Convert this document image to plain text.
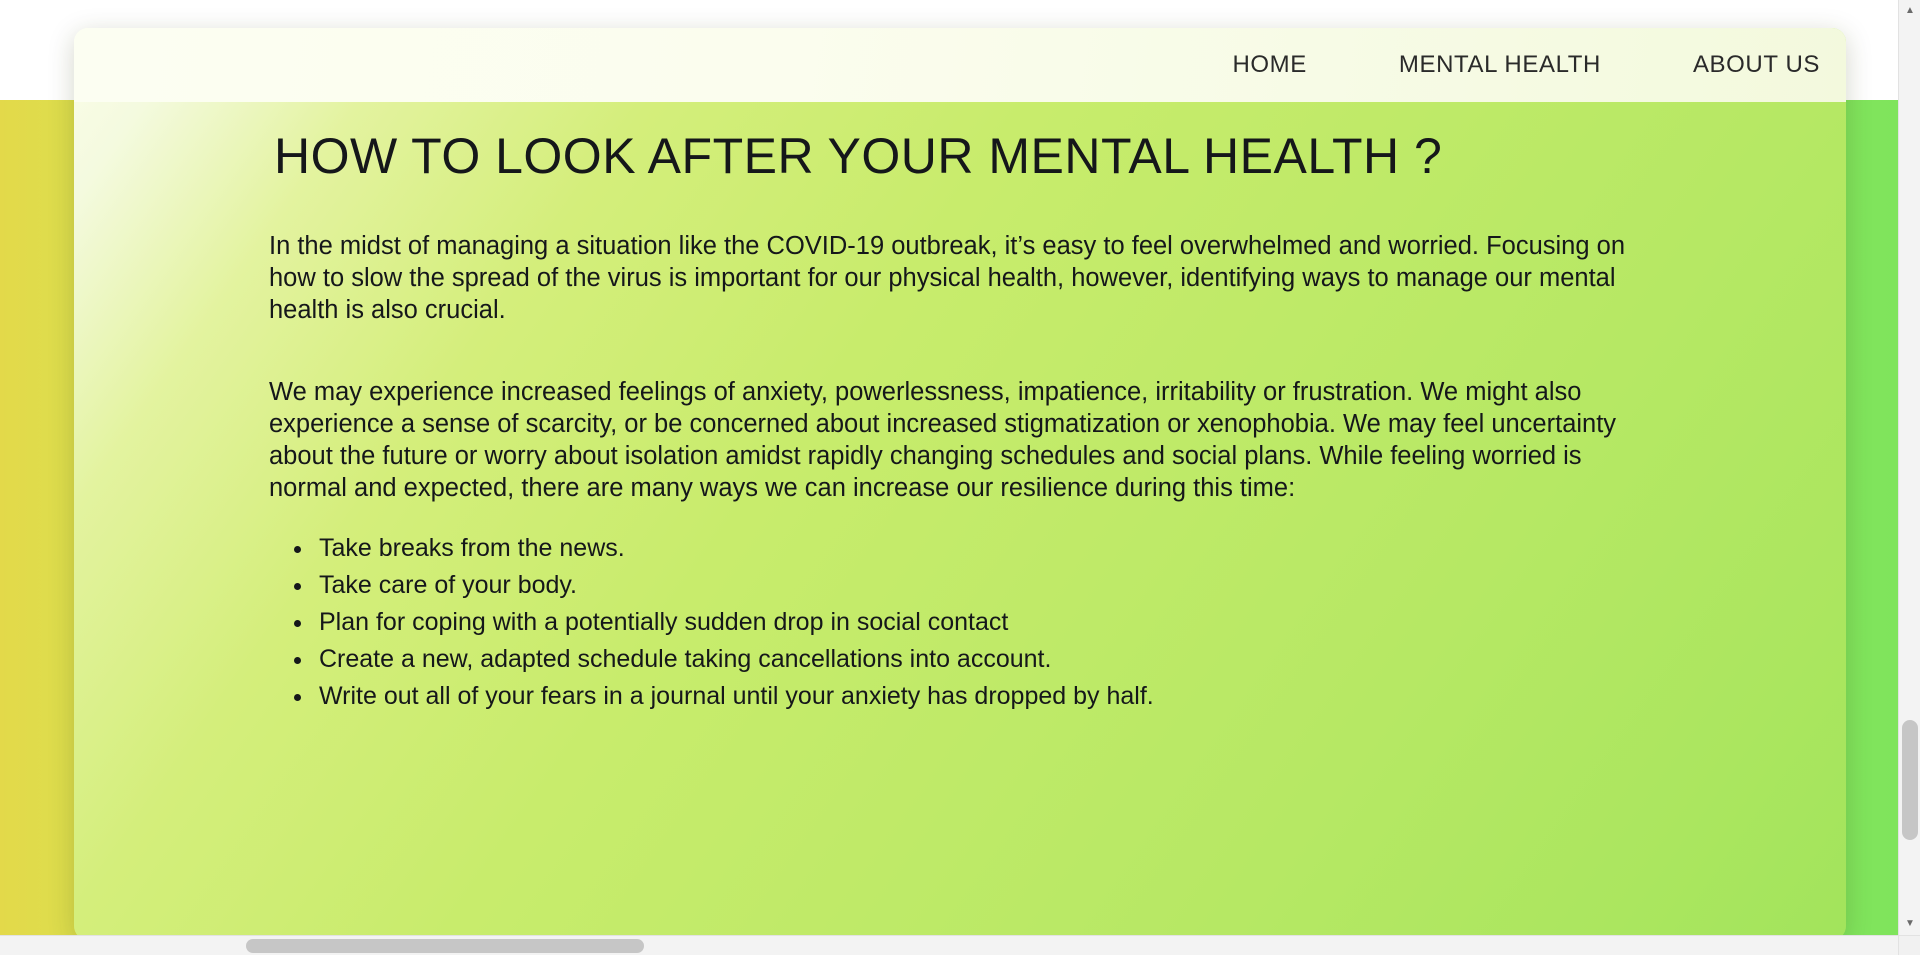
HOME	MENTAL HEALTH	ABOUT US
HOW TO LOOK AFTER YOUR MENTAL HEALTH ?

In the midst of managing a situation like the COVID-19 outbreak, it’s easy to feel overwhelmed and worried. Focusing on how to slow the spread of the virus is important for our physical health, however, identifying ways to manage our mental health is also crucial.

We may experience increased feelings of anxiety, powerlessness, impatience, irritability or frustration. We might also experience a sense of scarcity, or be concerned about increased stigmatization or xenophobia. We may feel uncertainty about the future or worry about isolation amidst rapidly changing schedules and social plans. While feeling worried is normal and expected, there are many ways we can increase our resilience during this time:

• Take breaks from the news.
• Take care of your body.
• Plan for coping with a potentially sudden drop in social contact
• Create a new, adapted schedule taking cancellations into account.
• Write out all of your fears in a journal until your anxiety has dropped by half.
▲
▼
